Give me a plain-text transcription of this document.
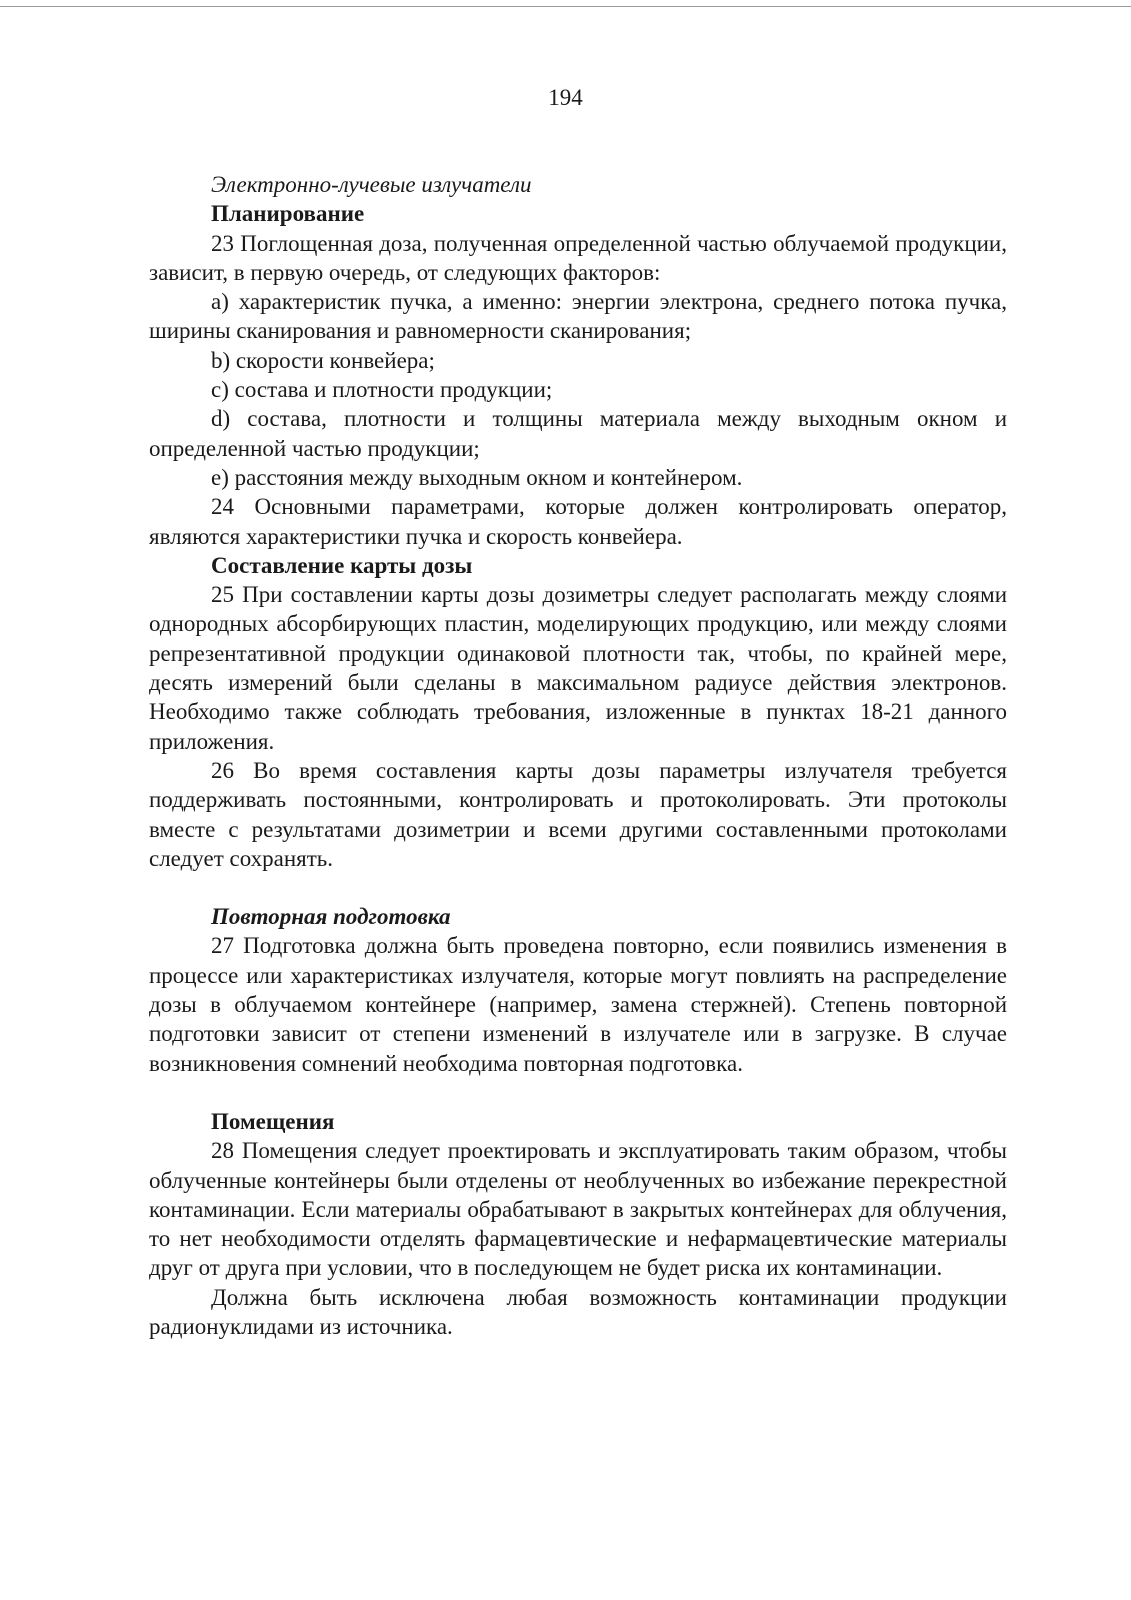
194
Электронно-лучевые излучатели
Планирование

23 Поглощенная доза, полученная определенной частью облучаемой продукции, зависит, в первую очередь, от следующих факторов:

а) характеристик пучка, а именно: энергии электрона, среднего потока пучка, ширины сканирования и равномерности сканирования;

b) скорости конвейера;

с) состава и плотности продукции;

d) состава, плотности и толщины материала между выходным окном и определенной частью продукции;

е) расстояния между выходным окном и контейнером.

24 Основными параметрами, которые должен контролировать оператор, являются характеристики пучка и скорость конвейера.

Составление карты дозы

25 При составлении карты дозы дозиметры следует располагать между слоями однородных абсорбирующих пластин, моделирующих продукцию, или между слоями репрезентативной продукции одинаковой плотности так, чтобы, по крайней мере, десять измерений были сделаны в максимальном радиусе действия электронов. Необходимо также соблюдать требования, изложенные в пунктах 18-21 данного приложения.

26 Во время составления карты дозы параметры излучателя требуется поддерживать постоянными, контролировать и протоколировать. Эти протоколы вместе с результатами дозиметрии и всеми другими составленными протоколами следует сохранять.

Повторная подготовка

27 Подготовка должна быть проведена повторно, если появились изменения в процессе или характеристиках излучателя, которые могут повлиять на распределение дозы в облучаемом контейнере (например, замена стержней). Степень повторной подготовки зависит от степени изменений в излучателе или в загрузке. В случае возникновения сомнений необходима повторная подготовка.

Помещения

28 Помещения следует проектировать и эксплуатировать таким образом, чтобы облученные контейнеры были отделены от необлученных во избежание перекрестной контаминации. Если материалы обрабатывают в закрытых контейнерах для облучения, то нет необходимости отделять фармацевтические и нефармацевтические материалы друг от друга при условии, что в последующем не будет риска их контаминации.

Должна быть исключена любая возможность контаминации продукции радионуклидами из источника.
